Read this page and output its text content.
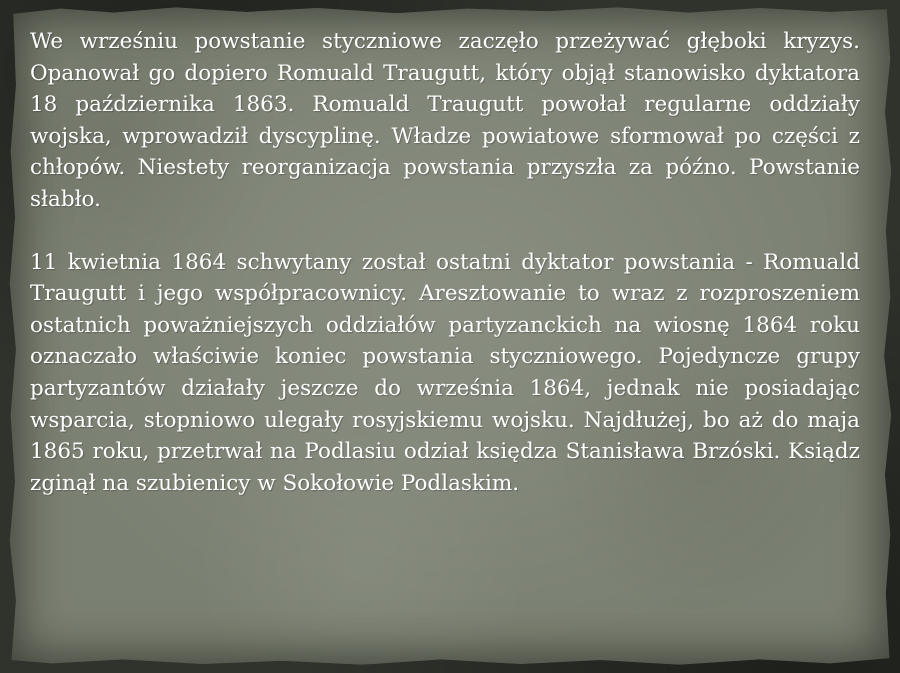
We wrześniu powstanie styczniowe zaczęło przeżywać głęboki kryzys. Opanował go dopiero Romuald Traugutt, który objął stanowisko dyktatora 18 października 1863. Romuald Traugutt powołał regularne oddziały wojska, wprowadził dyscyplinę. Władze powiatowe sformował po części z chłopów. Niestety reorganizacja powstania przyszła za późno. Powstanie słabło.

11 kwietnia 1864 schwytany został ostatni dyktator powstania - Romuald Traugutt i jego współpracownicy. Aresztowanie to wraz z rozproszeniem ostatnich poważniejszych oddziałów partyzanckich na wiosnę 1864 roku oznaczało właściwie koniec powstania styczniowego. Pojedyncze grupy partyzantów działały jeszcze do września 1864, jednak nie posiadając wsparcia, stopniowo ulegały rosyjskiemu wojsku. Najdłużej, bo aż do maja 1865 roku, przetrwał na Podlasiu odział księdza Stanisława Brzóski. Ksiądz zginął na szubienicy w Sokołowie Podlaskim.
